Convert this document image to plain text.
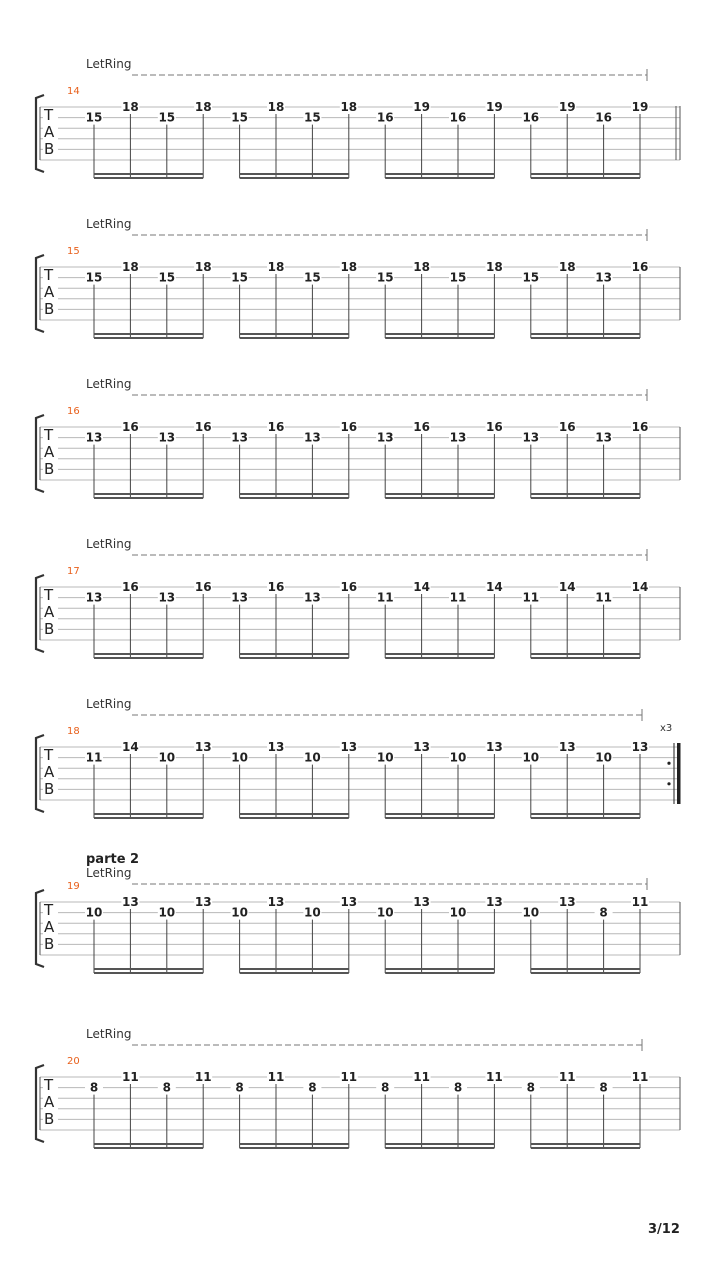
LetRing
14
T
A
B
15
18
15
18
15
18
15
18
16
19
16
19
16
19
16
19
LetRing
15
T
A
B
15
18
15
18
15
18
15
18
15
18
15
18
15
18
13
16
LetRing
16
T
A
B
13
16
13
16
13
16
13
16
13
16
13
16
13
16
13
16
LetRing
17
T
A
B
13
16
13
16
13
16
13
16
11
14
11
14
11
14
11
14
LetRing
18	x3
T
A
B
11
14
10
13
10
13
10
13
10
13
10
13
10
13
10
13
parte 2
LetRing
19
T
A
B
10
13
10
13
10
13
10
13
10
13
10
13
10
13
8
11
LetRing
20
T
A
B
8
11
8
11
8
11
8
11
8
11
8
11
8
11
8
11
3/12
